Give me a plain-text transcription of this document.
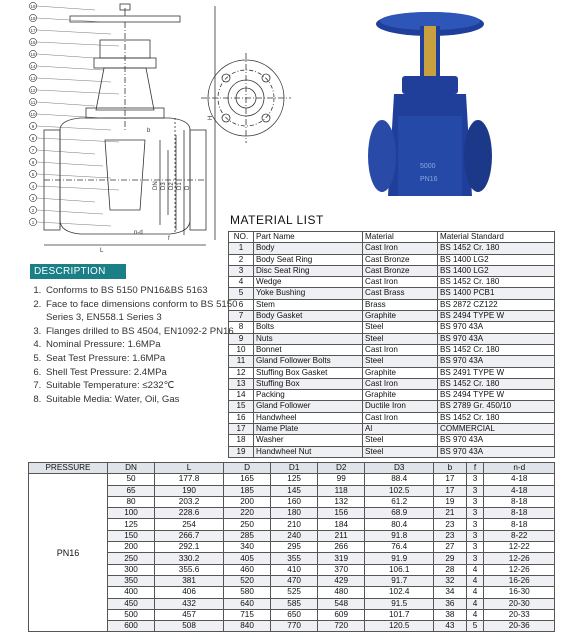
L
b
f
n-d
DN D3 D2 D1 D
H
19
18
17
16
15
14
13
12
11
10
9
8
7
6
5
4
3
2
1
5000
PN16
MATERIAL LIST
NO.	Part Name	Material	Material Standard
1	Body	Cast Iron	BS 1452 Cr. 180
2	Body Seat Ring	Cast Bronze	BS 1400 LG2
3	Disc Seat Ring	Cast Bronze	BS 1400 LG2
4	Wedge	Cast Iron	BS 1452 Cr. 180
5	Yoke Bushing	Cast Brass	BS 1400 PCB1
6	Stem	Brass	BS 2872 CZ122
7	Body Gasket	Graphite	BS 2494 TYPE W
8	Bolts	Steel	BS 970 43A
9	Nuts	Steel	BS 970 43A
10	Bonnet	Cast Iron	BS 1452 Cr. 180
11	Gland Follower Bolts	Steel	BS 970 43A
12	Stuffing Box Gasket	Graphite	BS 2491 TYPE W
13	Stuffing Box	Cast Iron	BS 1452 Cr. 180
14	Packing	Graphite	BS 2494 TYPE W
15	Gland Follower	Ductile Iron	BS 2789 Gr. 450/10
16	Handwheel	Cast Iron	BS 1452 Cr. 180
17	Name Plate	Al	COMMERCIAL
18	Washer	Steel	BS 970 43A
19	Handwheel Nut	Steel	BS 970 43A
DESCRIPTION
1. Conforms to BS 5150 PN16&BS 5163
2. Face to face dimensions conform to BS 5150 Series 3, EN558.1 Series 3
3. Flanges drilled to BS 4504, EN1092-2 PN16
4. Nominal Pressure: 1.6MPa
5. Seat Test Pressure: 1.6MPa
6. Shell Test Pressure: 2.4MPa
7. Suitable Temperature: ≤232℃
8. Suitable Media: Water, Oil, Gas
PRESSURE	DN	L	D	D1	D2	D3	b	f	n-d
PN16	50	177.8	165	125	99	88.4	17	3	4-18
	65	190	185	145	118	102.5	17	3	4-18
	80	203.2	200	160	132	61.2	19	3	8-18
	100	228.6	220	180	156	68.9	21	3	8-18
	125	254	250	210	184	80.4	23	3	8-18
	150	266.7	285	240	211	91.8	23	3	8-22
	200	292.1	340	295	266	76.4	27	3	12-22
	250	330.2	405	355	319	91.9	29	3	12-26
	300	355.6	460	410	370	106.1	28	4	12-26
	350	381	520	470	429	91.7	32	4	16-26
	400	406	580	525	480	102.4	34	4	16-30
	450	432	640	585	548	91.5	36	4	20-30
	500	457	715	650	609	101.7	38	4	20-33
	600	508	840	770	720	120.5	43	5	20-36
